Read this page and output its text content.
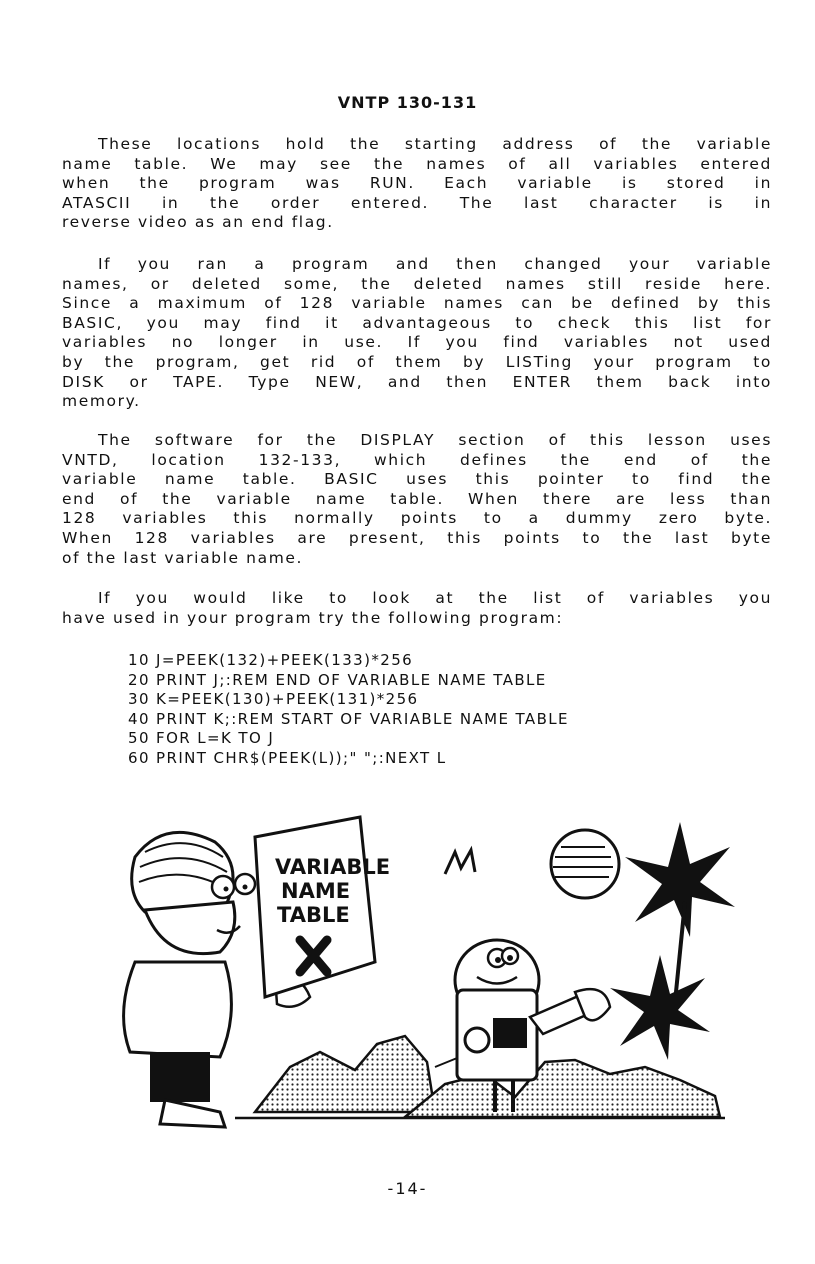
VNTP 130-131
These locations hold the starting address of the variable
name table. We may see the names of all variables entered
when the program was RUN. Each variable is stored in
ATASCII in the order entered. The last character is in
reverse video as an end flag.
If you ran a program and then changed your variable
names, or deleted some, the deleted names still reside here.
Since a maximum of 128 variable names can be defined by this
BASIC, you may find it advantageous to check this list for
variables no longer in use. If you find variables not used
by the program, get rid of them by LISTing your program to
DISK or TAPE. Type NEW, and then ENTER them back into
memory.
The software for the DISPLAY section of this lesson uses
VNTD, location 132-133, which defines the end of the
variable name table. BASIC uses this pointer to find the
end of the variable name table. When there are less than
128 variables this normally points to a dummy zero byte.
When 128 variables are present, this points to the last byte
of the last variable name.
If you would like to look at the list of variables you
have used in your program try the following program:
10 J=PEEK(132)+PEEK(133)*256
20 PRINT J;:REM END OF VARIABLE NAME TABLE
30 K=PEEK(130)+PEEK(131)*256
40 PRINT K;:REM START OF VARIABLE NAME TABLE
50 FOR L=K TO J
60 PRINT CHR$(PEEK(L));" ";:NEXT L
VARIABLE
NAME
TABLE
-14-
